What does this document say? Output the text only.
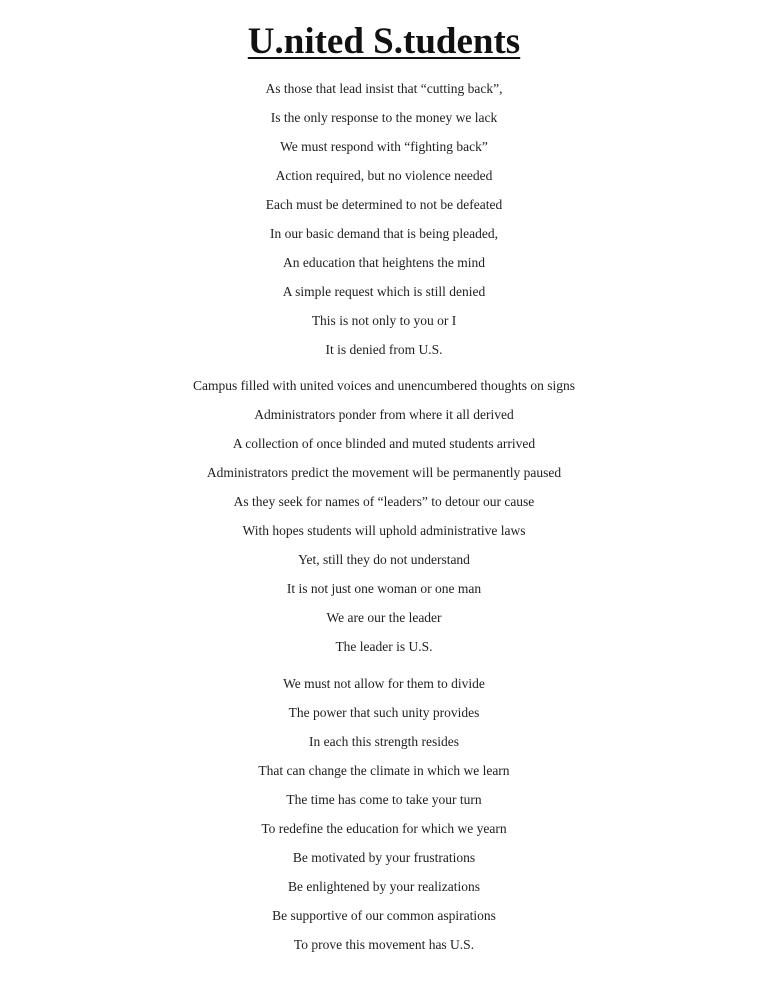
U.nited S.tudents
As those that lead insist that “cutting back”,
Is the only response to the money we lack
We must respond with “fighting back”
Action required, but no violence needed
Each must be determined to not be defeated
In our basic demand that is being pleaded,
An education that heightens the mind
A simple request which is still denied
This is not only to you or I
It is denied from U.S.
Campus filled with united voices and unencumbered thoughts on signs
Administrators ponder from where it all derived
A collection of once blinded and muted students arrived
Administrators predict the movement will be permanently paused
As they seek for names of “leaders” to detour our cause
With hopes students will uphold administrative laws
Yet, still they do not understand
It is not just one woman or one man
We are our the leader
The leader is U.S.
We must not allow for them to divide
The power that such unity provides
In each this strength resides
That can change the climate in which we learn
The time has come to take your turn
To redefine the education for which we yearn
Be motivated by your frustrations
Be enlightened by your realizations
Be supportive of our common aspirations
To prove this movement has U.S.
